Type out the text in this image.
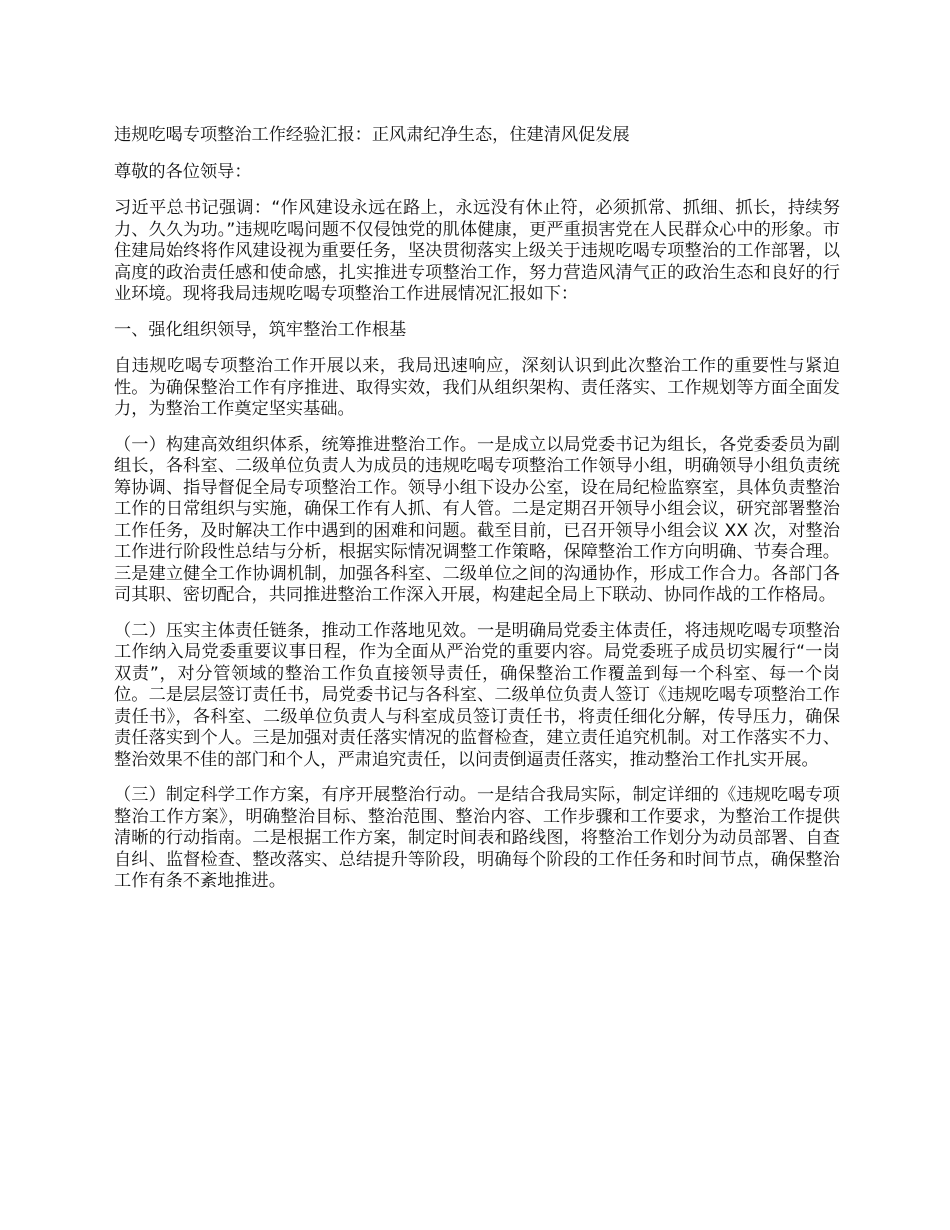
违规吃喝专项整治工作经验汇报：正风肃纪净生态，住建清风促发展

尊敬的各位领导：

习近平总书记强调：“作风建设永远在路上，永远没有休止符，必须抓常、抓细、抓长，持续努力、久久为功。”违规吃喝问题不仅侵蚀党的肌体健康，更严重损害党在人民群众心中的形象。市住建局始终将作风建设视为重要任务，坚决贯彻落实上级关于违规吃喝专项整治的工作部署，以高度的政治责任感和使命感，扎实推进专项整治工作，努力营造风清气正的政治生态和良好的行业环境。现将我局违规吃喝专项整治工作进展情况汇报如下：

一、强化组织领导，筑牢整治工作根基

自违规吃喝专项整治工作开展以来，我局迅速响应，深刻认识到此次整治工作的重要性与紧迫性。为确保整治工作有序推进、取得实效，我们从组织架构、责任落实、工作规划等方面全面发力，为整治工作奠定坚实基础。

（一）构建高效组织体系，统筹推进整治工作。一是成立以局党委书记为组长，各党委委员为副组长，各科室、二级单位负责人为成员的违规吃喝专项整治工作领导小组，明确领导小组负责统筹协调、指导督促全局专项整治工作。领导小组下设办公室，设在局纪检监察室，具体负责整治工作的日常组织与实施，确保工作有人抓、有人管。二是定期召开领导小组会议，研究部署整治工作任务，及时解决工作中遇到的困难和问题。截至目前，已召开领导小组会议 XX 次，对整治工作进行阶段性总结与分析，根据实际情况调整工作策略，保障整治工作方向明确、节奏合理。三是建立健全工作协调机制，加强各科室、二级单位之间的沟通协作，形成工作合力。各部门各司其职、密切配合，共同推进整治工作深入开展，构建起全局上下联动、协同作战的工作格局。

（二）压实主体责任链条，推动工作落地见效。一是明确局党委主体责任，将违规吃喝专项整治工作纳入局党委重要议事日程，作为全面从严治党的重要内容。局党委班子成员切实履行“一岗双责”，对分管领域的整治工作负直接领导责任，确保整治工作覆盖到每一个科室、每一个岗位。二是层层签订责任书，局党委书记与各科室、二级单位负责人签订《违规吃喝专项整治工作责任书》，各科室、二级单位负责人与科室成员签订责任书，将责任细化分解，传导压力，确保责任落实到个人。三是加强对责任落实情况的监督检查，建立责任追究机制。对工作落实不力、整治效果不佳的部门和个人，严肃追究责任，以问责倒逼责任落实，推动整治工作扎实开展。

（三）制定科学工作方案，有序开展整治行动。一是结合我局实际，制定详细的《违规吃喝专项整治工作方案》，明确整治目标、整治范围、整治内容、工作步骤和工作要求，为整治工作提供清晰的行动指南。二是根据工作方案，制定时间表和路线图，将整治工作划分为动员部署、自查自纠、监督检查、整改落实、总结提升等阶段，明确每个阶段的工作任务和时间节点，确保整治工作有条不紊地推进。
